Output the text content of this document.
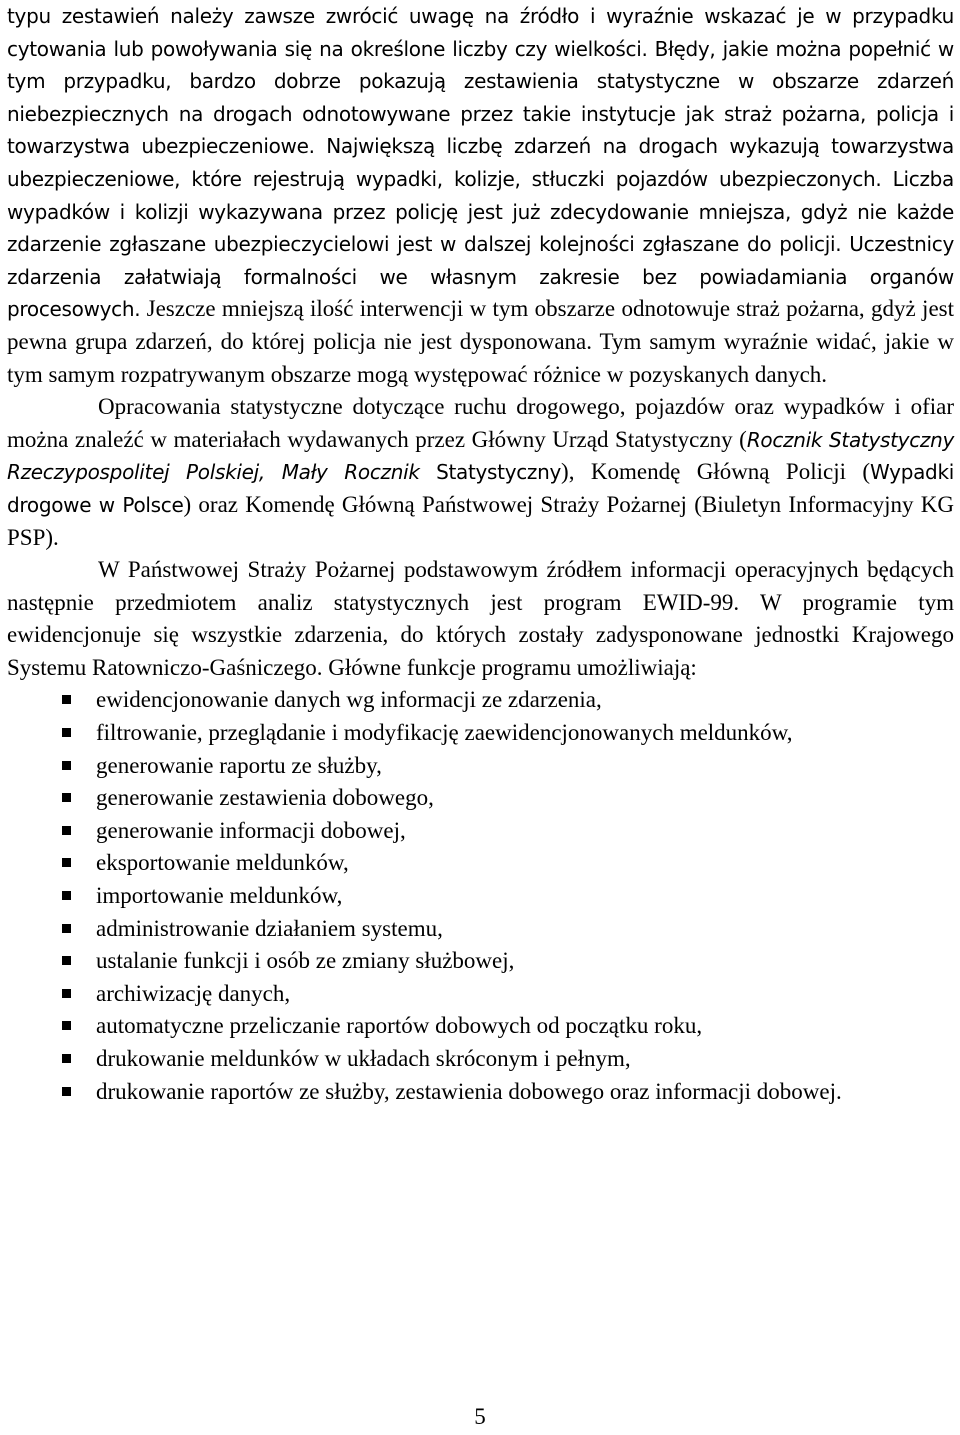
typu zestawień należy zawsze zwrócić uwagę na źródło i wyraźnie wskazać je w przypadku cytowania lub powoływania się na określone liczby czy wielkości. Błędy, jakie można popełnić w tym przypadku, bardzo dobrze pokazują zestawienia statystyczne w obszarze zdarzeń niebezpiecznych na drogach odnotowywane przez takie instytucje jak straż pożarna, policja i towarzystwa ubezpieczeniowe. Największą liczbę zdarzeń na drogach wykazują towarzystwa ubezpieczeniowe, które rejestrują wypadki, kolizje, stłuczki pojazdów ubezpieczonych. Liczba wypadków i kolizji wykazywana przez policję jest już zdecydowanie mniejsza, gdyż nie każde zdarzenie zgłaszane ubezpieczycielowi jest w dalszej kolejności zgłaszane do policji. Uczestnicy zdarzenia załatwiają formalności we własnym zakresie bez powiadamiania organów procesowych. Jeszcze mniejszą ilość interwencji w tym obszarze odnotowuje straż pożarna, gdyż jest pewna grupa zdarzeń, do której policja nie jest dysponowana. Tym samym wyraźnie widać, jakie w tym samym rozpatrywanym obszarze mogą występować różnice w pozyskanych danych.

Opracowania statystyczne dotyczące ruchu drogowego, pojazdów oraz wypadków i ofiar można znaleźć w materiałach wydawanych przez Główny Urząd Statystyczny (Rocznik Statystyczny Rzeczypospolitej Polskiej, Mały Rocznik Statystyczny), Komendę Główną Policji (Wypadki drogowe w Polsce) oraz Komendę Główną Państwowej Straży Pożarnej (Biuletyn Informacyjny KG PSP).

W Państwowej Straży Pożarnej podstawowym źródłem informacji operacyjnych będących następnie przedmiotem analiz statystycznych jest program EWID-99. W programie tym ewidencjonuje się wszystkie zdarzenia, do których zostały zadysponowane jednostki Krajowego Systemu Ratowniczo-Gaśniczego. Główne funkcje programu umożliwiają:

ewidencjonowanie danych wg informacji ze zdarzenia,
filtrowanie, przeglądanie i modyfikację zaewidencjonowanych meldunków,
generowanie raportu ze służby,
generowanie zestawienia dobowego,
generowanie informacji dobowej,
eksportowanie meldunków,
importowanie meldunków,
administrowanie działaniem systemu,
ustalanie funkcji i osób ze zmiany służbowej,
archiwizację danych,
automatyczne przeliczanie raportów dobowych od początku roku,
drukowanie meldunków w układach skróconym i pełnym,
drukowanie raportów ze służby, zestawienia dobowego oraz informacji dobowej.
5
